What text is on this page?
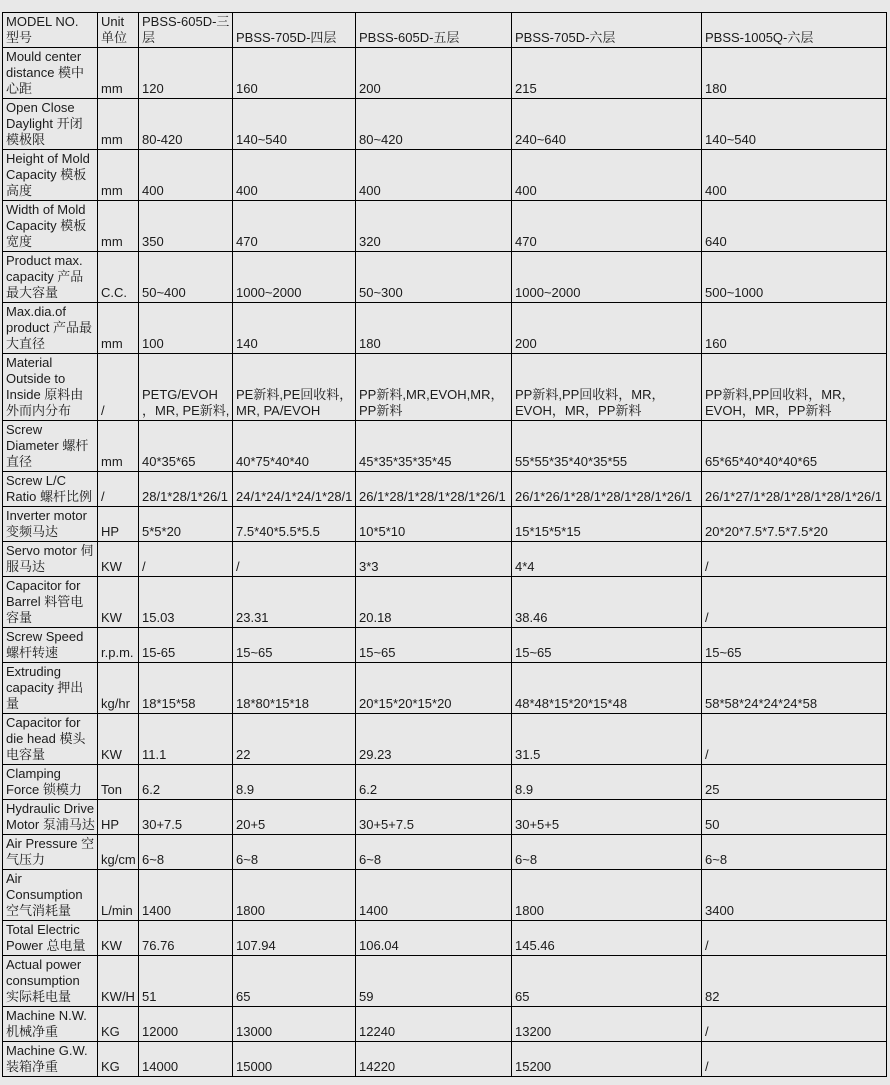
MODEL NO. 型号	Unit单位	PBSS-605D-三层	PBSS-705D-四层	PBSS-605D-五层	PBSS-705D-六层	PBSS-1005Q-六层
Mould center distance 模中心距	mm	120	160	200	215	180
Open Close Daylight 开闭模极限	mm	80-420	140~540	80~420	240~640	140~540
Height of Mold Capacity 模板高度	mm	400	400	400	400	400
Width of Mold Capacity 模板宽度	mm	350	470	320	470	640
Product max. capacity 产品最大容量	C.C.	50~400	1000~2000	50~300	1000~2000	500~1000
Max.dia.of product 产品最大直径	mm	100	140	180	200	160
Material Outside to Inside 原料由外而内分布	/	PETG/EVOH，MR, PE新料,	PE新料,PE回收料，MR, PA/EVOH	PP新料,MR,EVOH,MR，PP新料	PP新料,PP回收料，MR，EVOH，MR，PP新料	PP新料,PP回收料，MR，EVOH，MR，PP新料
Screw Diameter 螺杆直径	mm	40*35*65	40*75*40*40	45*35*35*35*45	55*55*35*40*35*55	65*65*40*40*40*65
Screw L/C Ratio 螺杆比例	/	28/1*28/1*26/1	24/1*24/1*24/1*28/1	26/1*28/1*28/1*28/1*26/1	26/1*26/1*28/1*28/1*28/1*26/1	26/1*27/1*28/1*28/1*28/1*26/1
Inverter motor 变频马达	HP	5*5*20	7.5*40*5.5*5.5	10*5*10	15*15*5*15	20*20*7.5*7.5*7.5*20
Servo motor 伺服马达	KW	/	/	3*3	4*4	/
Capacitor for Barrel 料管电容量	KW	15.03	23.31	20.18	38.46	/
Screw Speed 螺杆转速	r.p.m.	15-65	15~65	15~65	15~65	15~65
Extruding capacity 押出量	kg/hr	18*15*58	18*80*15*18	20*15*20*15*20	48*48*15*20*15*48	58*58*24*24*24*58
Capacitor for die head 模头电容量	KW	11.1	22	29.23	31.5	/
Clamping Force 锁模力	Ton	6.2	8.9	6.2	8.9	25
Hydraulic Drive Motor 泵浦马达	HP	30+7.5	20+5	30+5+7.5	30+5+5	50
Air Pressure 空气压力	kg/cm	6~8	6~8	6~8	6~8	6~8
Air Consumption 空气消耗量	L/min	1400	1800	1400	1800	3400
Total Electric Power 总电量	KW	76.76	107.94	106.04	145.46	/
Actual power consumption 实际耗电量	KW/H	51	65	59	65	82
Machine N.W. 机械净重	KG	12000	13000	12240	13200	/
Machine G.W. 装箱净重	KG	14000	15000	14220	15200	/
